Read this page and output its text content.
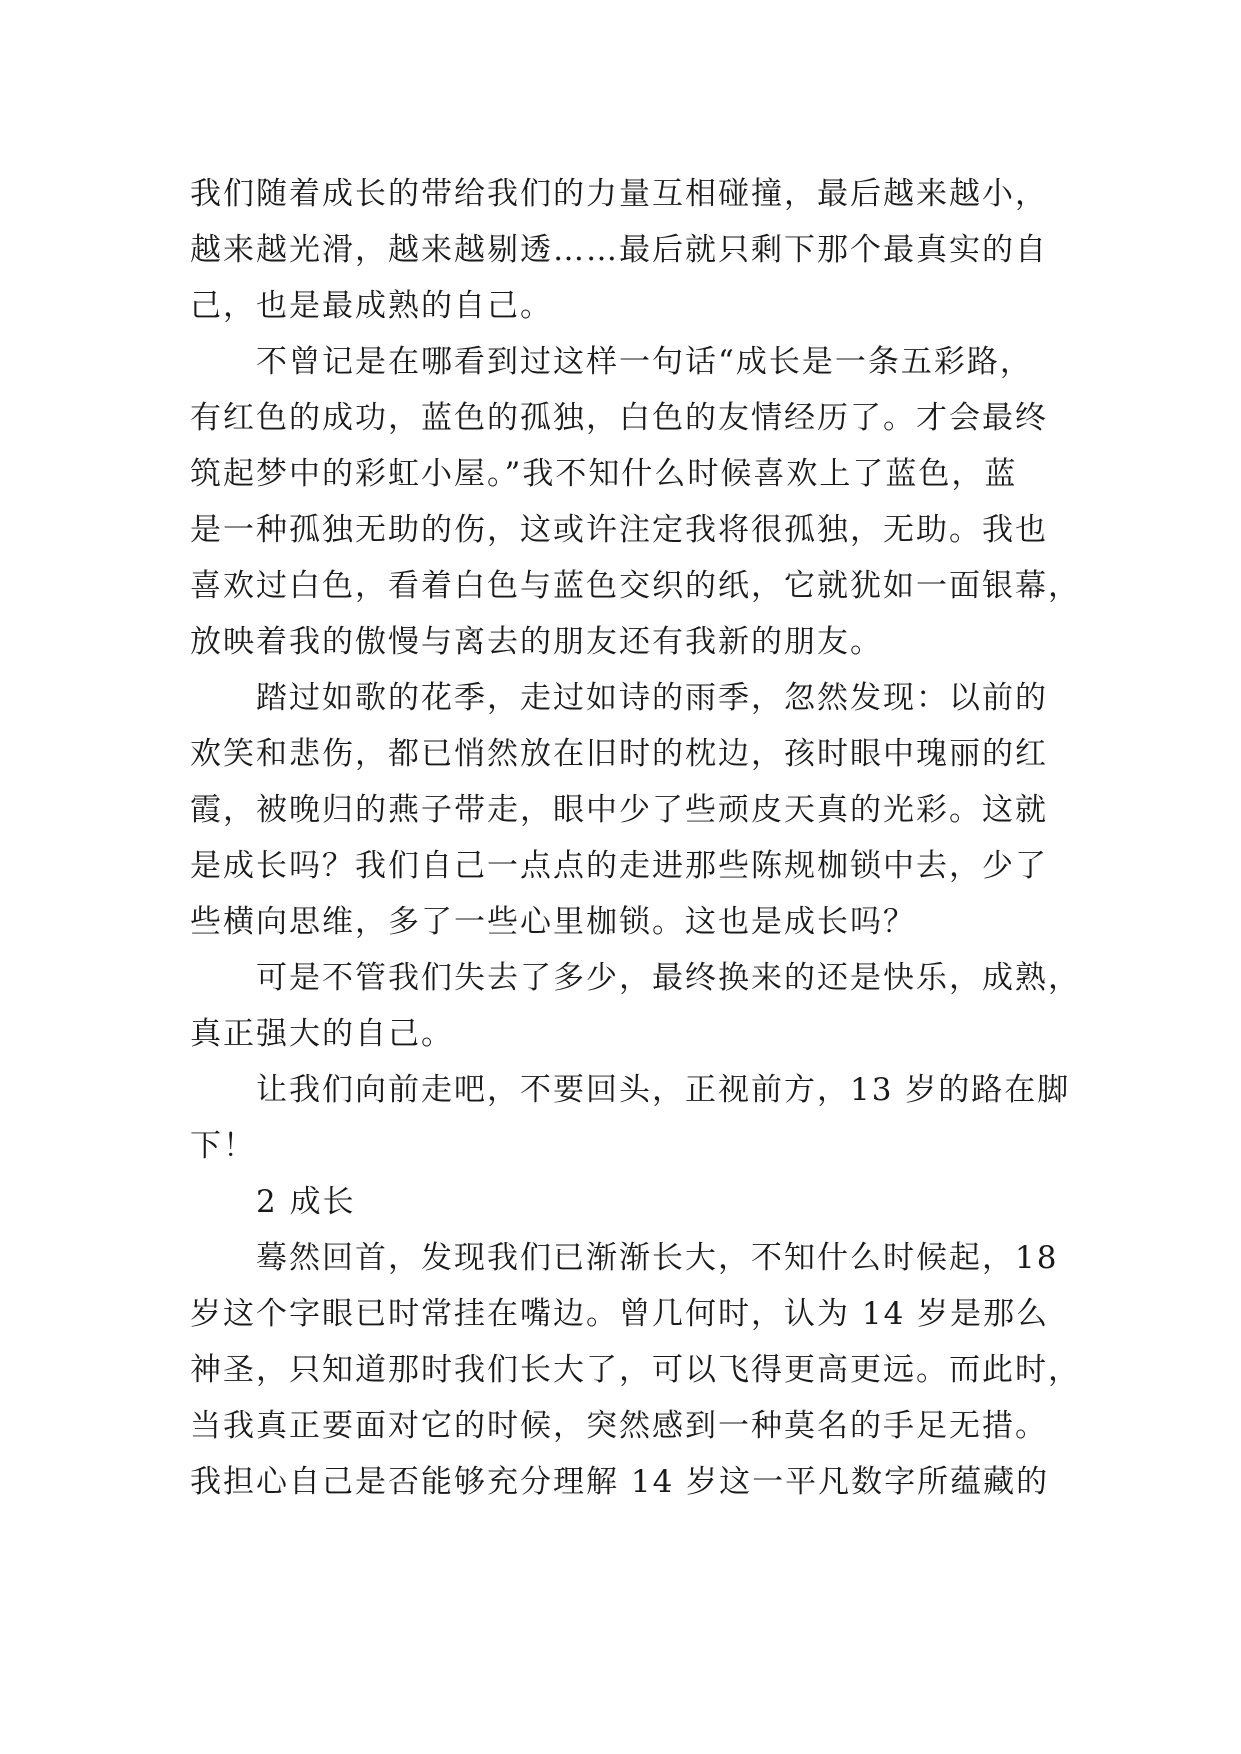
我们随着成长的带给我们的力量互相碰撞，最后越来越小，
越来越光滑，越来越剔透……最后就只剩下那个最真实的自
己，也是最成熟的自己。
不曾记是在哪看到过这样一句话“成长是一条五彩路，
有红色的成功，蓝色的孤独，白色的友情经历了。才会最终
筑起梦中的彩虹小屋。”我不知什么时候喜欢上了蓝色，蓝
是一种孤独无助的伤，这或许注定我将很孤独，无助。我也
喜欢过白色，看着白色与蓝色交织的纸，它就犹如一面银幕，
放映着我的傲慢与离去的朋友还有我新的朋友。
踏过如歌的花季，走过如诗的雨季，忽然发现：以前的
欢笑和悲伤，都已悄然放在旧时的枕边，孩时眼中瑰丽的红
霞，被晚归的燕子带走，眼中少了些顽皮天真的光彩。这就
是成长吗？我们自己一点点的走进那些陈规枷锁中去，少了
些横向思维，多了一些心里枷锁。这也是成长吗？
可是不管我们失去了多少，最终换来的还是快乐，成熟，
真正强大的自己。
让我们向前走吧，不要回头，正视前方，13 岁的路在脚
下！
2 成长
蓦然回首，发现我们已渐渐长大，不知什么时候起，18
岁这个字眼已时常挂在嘴边。曾几何时，认为 14 岁是那么
神圣，只知道那时我们长大了，可以飞得更高更远。而此时，
当我真正要面对它的时候，突然感到一种莫名的手足无措。
我担心自己是否能够充分理解 14 岁这一平凡数字所蕴藏的
